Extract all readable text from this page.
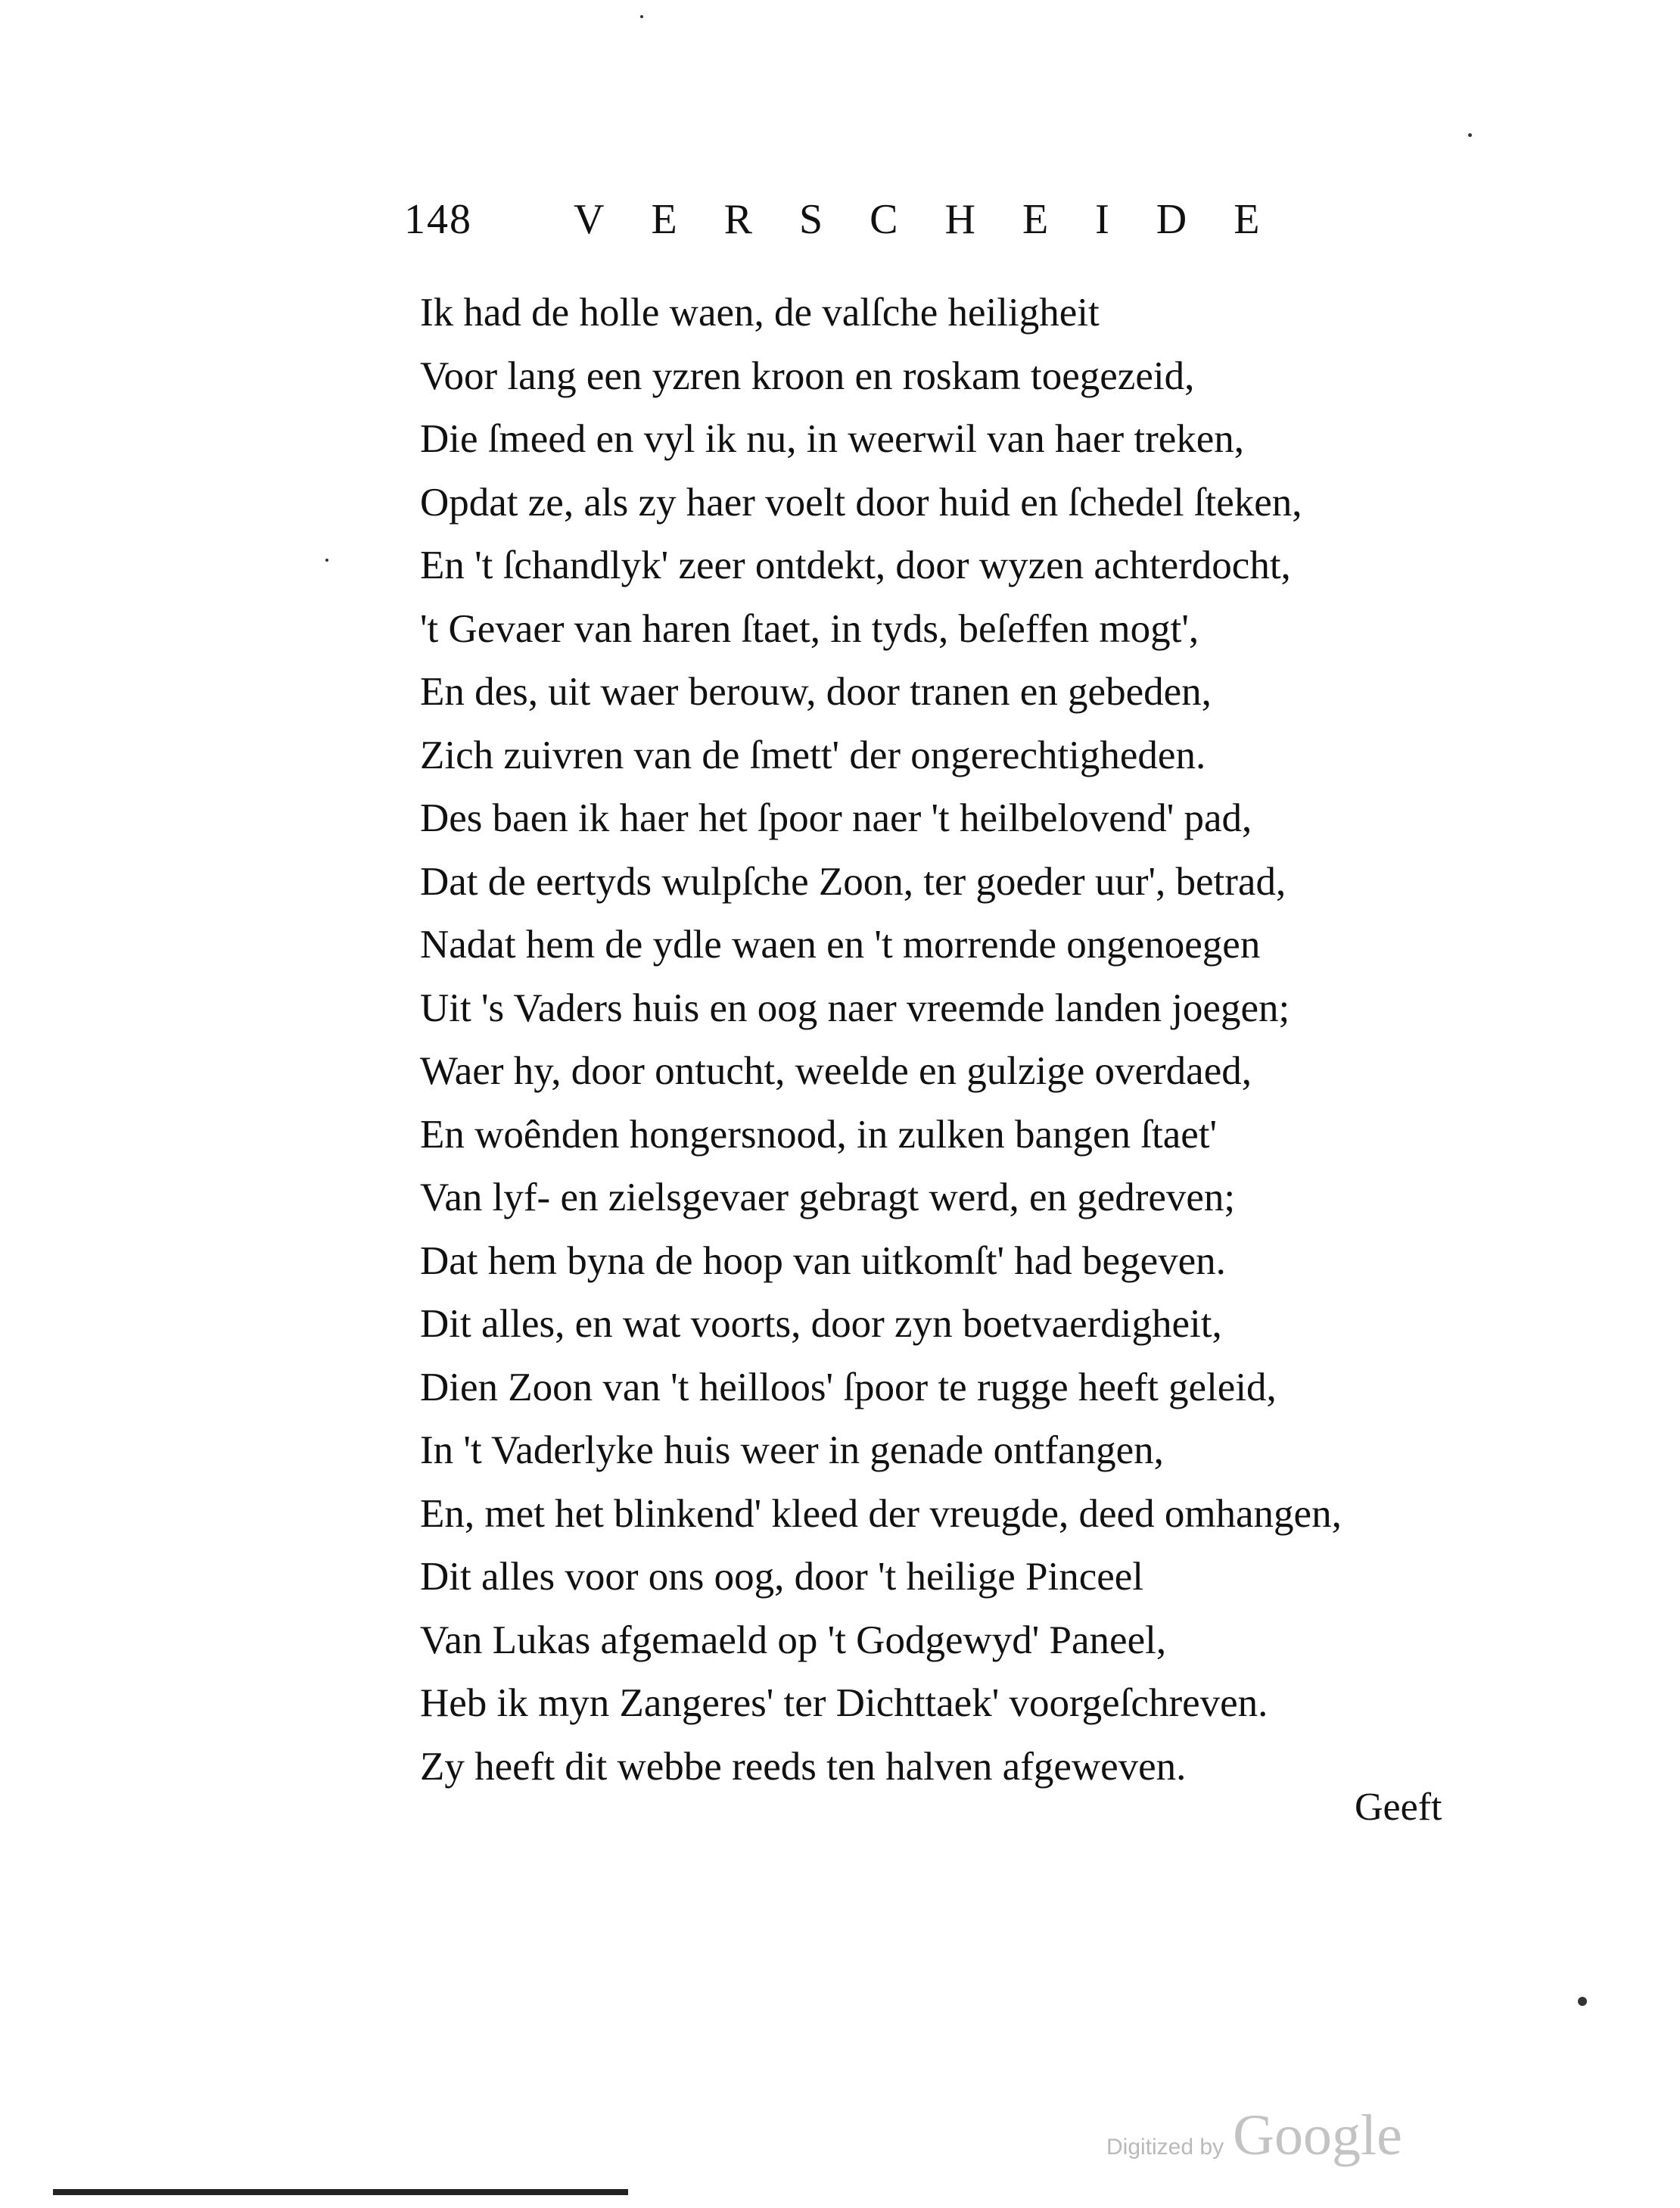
148 VERSCHEIDE
Ik had de holle waen, de valſche heiligheit
Voor lang een yzren kroon en roskam toegezeid,
Die ſmeed en vyl ik nu, in weerwil van haer treken,
Opdat ze, als zy haer voelt door huid en ſchedel ſteken,
En 't ſchandlyk' zeer ontdekt, door wyzen achterdocht,
't Gevaer van haren ſtaet, in tyds, beſeffen mogt',
En des, uit waer berouw, door tranen en gebeden,
Zich zuivren van de ſmett' der ongerechtigheden.
Des baen ik haer het ſpoor naer 't heilbelovend' pad,
Dat de eertyds wulpſche Zoon, ter goeder uur', betrad,
Nadat hem de ydle waen en 't morrende ongenoegen
Uit 's Vaders huis en oog naer vreemde landen joegen;
Waer hy, door ontucht, weelde en gulzige overdaed,
En woênden hongersnood, in zulken bangen ſtaet'
Van lyf- en zielsgevaer gebragt werd, en gedreven;
Dat hem byna de hoop van uitkomſt' had begeven.
Dit alles, en wat voorts, door zyn boetvaerdigheit,
Dien Zoon van 't heilloos' ſpoor te rugge heeft geleid,
In 't Vaderlyke huis weer in genade ontfangen,
En, met het blinkend' kleed der vreugde, deed omhangen,
Dit alles voor ons oog, door 't heilige Pinceel
Van Lukas afgemaeld op 't Godgewyd' Paneel,
Heb ik myn Zangeres' ter Dichttaek' voorgeſchreven.
Zy heeft dit webbe reeds ten halven afgeweven.
Geeft
Digitized by Google
